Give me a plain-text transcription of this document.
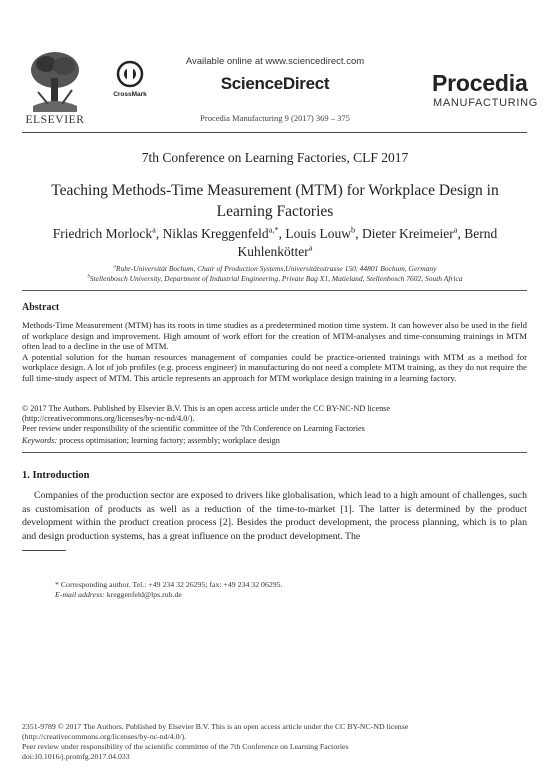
ELSEVIER
Available online at www.sciencedirect.com
CrossMark
ScienceDirect
Procedia Manufacturing 9 (2017) 369 – 375
Procedia
MANUFACTURING
7th Conference on Learning Factories, CLF 2017
Teaching Methods-Time Measurement (MTM) for Workplace Design in Learning Factories
Friedrich Morlock$^a$, Niklas Kreggenfeld$^{a,*}$, Louis Louw$^b$, Dieter Kreimeier$^a$, Bernd Kuhlenkötter$^a$
$^a$Ruhr-Universität Bochum, Chair of Production Systems,Universitätsstrasse 150, 44801 Bochum, Germany
$^b$Stellenbosch University, Department of Industrial Engineering, Private Bag X1, Matieland, Stellenbosch 7602, South Africa
Abstract

Methods-Time Measurement (MTM) has its roots in time studies as a predetermined motion time system. It can however also be used in the field of workplace design and improvement. High amount of work effort for the creation of MTM-analyses and time-consuming trainings in MTM often lead to a decline in the use of MTM.

A potential solution for the human resources management of companies could be practice-oriented trainings with MTM as a method for workplace design. A lot of job profiles (e.g. process engineer) in manufacturing do not need a complete MTM training, as they do not require the full time-study aspect of MTM. This article represents an approach for MTM workplace design training in a learning factory.

© 2017 The Authors. Published by Elsevier B.V. This is an open access article under the CC BY-NC-ND license
(http://creativecommons.org/licenses/by-nc-nd/4.0/).
Peer review under responsibility of the scientific committee of the 7th Conference on Learning Factories
Keywords: process optimisation; learning factory; assembly; workplace design
1. Introduction

Companies of the production sector are exposed to drivers like globalisation, which lead to a high amount of challenges, such as customisation of products as well as a reduction of the time-to-market [1]. The latter is determined by the product development within the product creation process [2]. Besides the product development, the process planning, which is to plan and design production systems, has a great influence on the product development. The

* Corresponding author. Tel.: +49 234 32 26295; fax: +49 234 32 06295.
E-mail address: kreggenfeld@lps.rub.de
2351-9789 © 2017 The Authors. Published by Elsevier B.V. This is an open access article under the CC BY-NC-ND license
(http://creativecommons.org/licenses/by-nc-nd/4.0/).
Peer review under responsibility of the scientific committee of the 7th Conference on Learning Factories
doi:10.1016/j.promfg.2017.04.033
